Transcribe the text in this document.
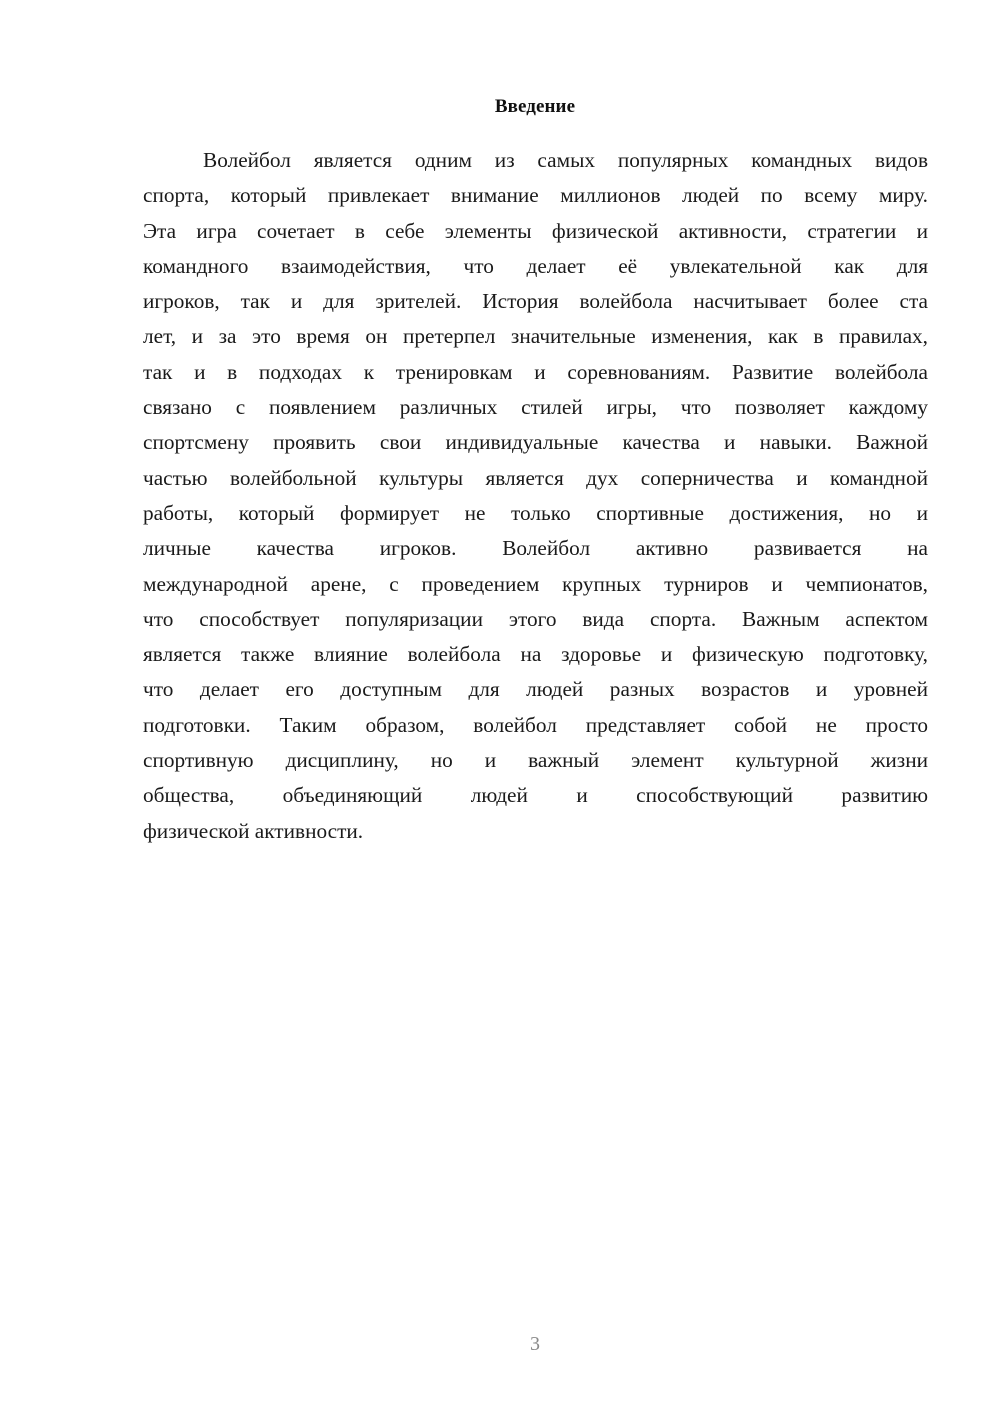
Введение
Волейбол является одним из самых популярных командных видов
спорта, который привлекает внимание миллионов людей по всему миру.
Эта игра сочетает в себе элементы физической активности, стратегии и
командного взаимодействия, что делает её увлекательной как для
игроков, так и для зрителей. История волейбола насчитывает более ста
лет, и за это время он претерпел значительные изменения, как в правилах,
так и в подходах к тренировкам и соревнованиям. Развитие волейбола
связано с появлением различных стилей игры, что позволяет каждому
спортсмену проявить свои индивидуальные качества и навыки. Важной
частью волейбольной культуры является дух соперничества и командной
работы, который формирует не только спортивные достижения, но и
личные качества игроков. Волейбол активно развивается на
международной арене, с проведением крупных турниров и чемпионатов,
что способствует популяризации этого вида спорта. Важным аспектом
является также влияние волейбола на здоровье и физическую подготовку,
что делает его доступным для людей разных возрастов и уровней
подготовки. Таким образом, волейбол представляет собой не просто
спортивную дисциплину, но и важный элемент культурной жизни
общества, объединяющий людей и способствующий развитию
физической активности.
3
